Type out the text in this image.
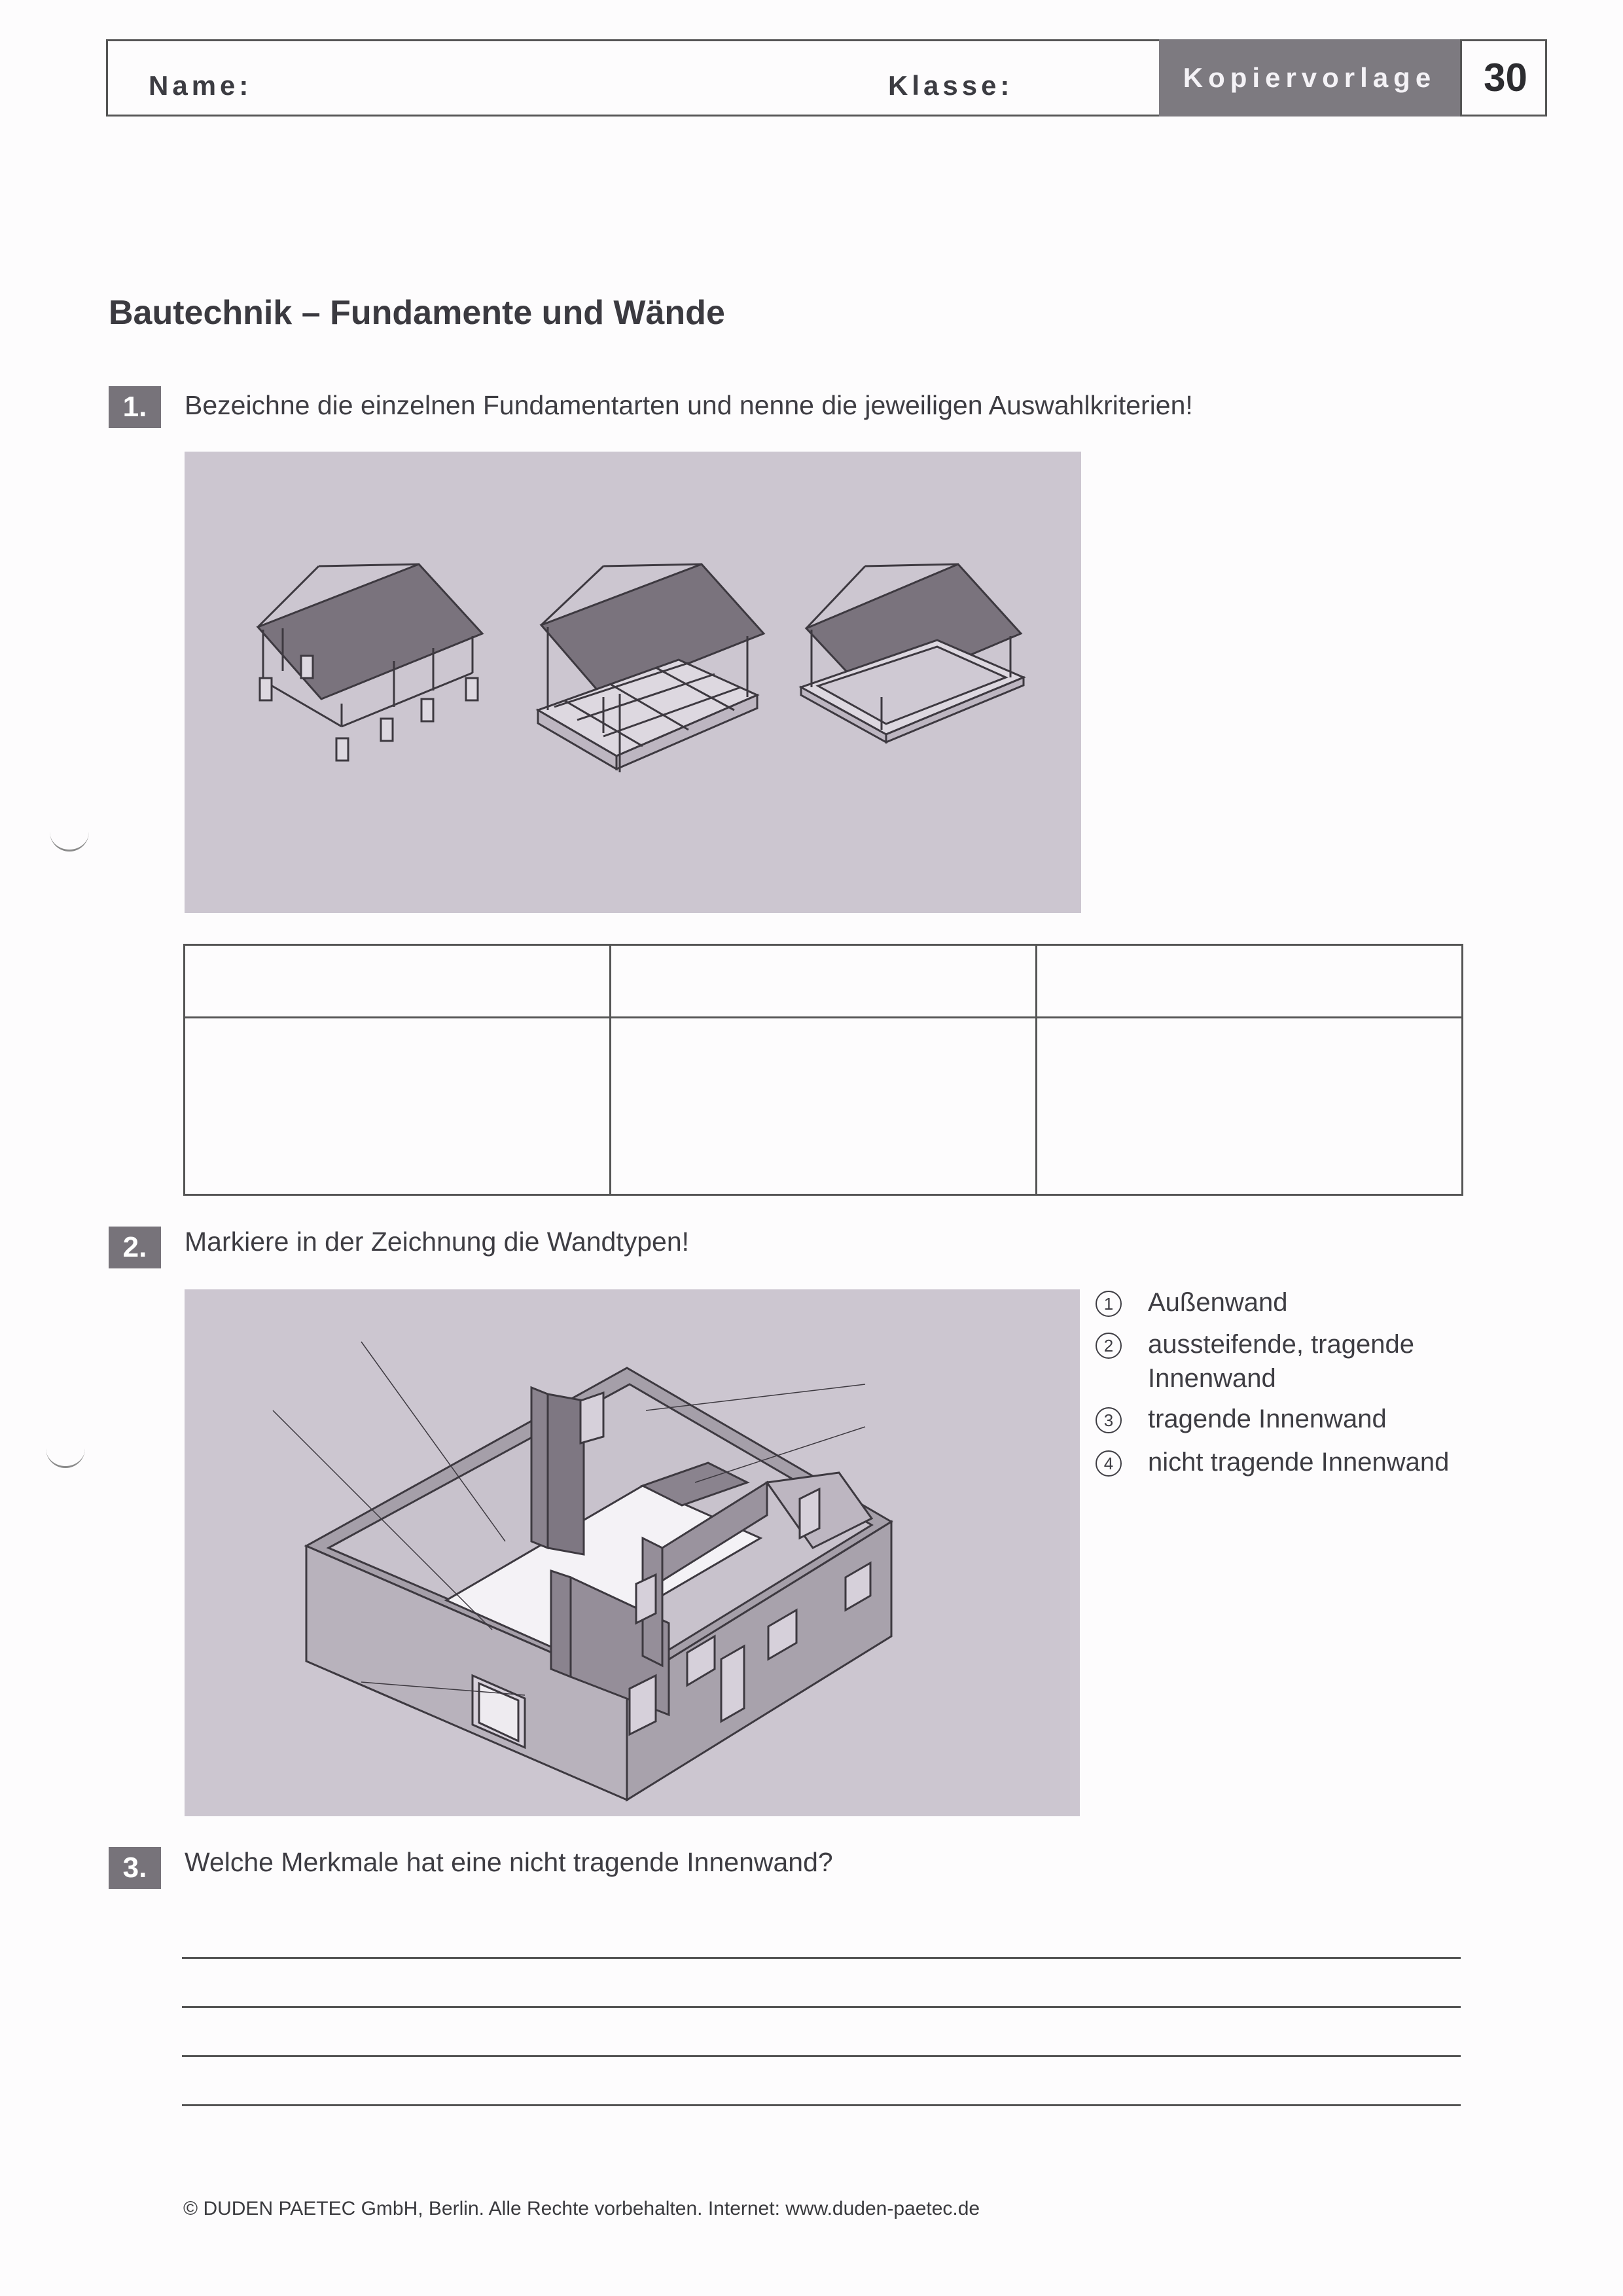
Name:	Klasse:	Kopiervorlage	30
Bautechnik – Fundamente und Wände
1.	Bezeichne die einzelnen Fundamentarten und nenne die jeweiligen Auswahlkriterien!

2.	Markiere in der Zeichnung die Wandtypen!
1 Außenwand
2 aussteifende, tragende
Innenwand
3 tragende Innenwand
4 nicht tragende Innenwand
3.	Welche Merkmale hat eine nicht tragende Innenwand?
© DUDEN PAETEC GmbH, Berlin. Alle Rechte vorbehalten. Internet: www.duden-paetec.de
